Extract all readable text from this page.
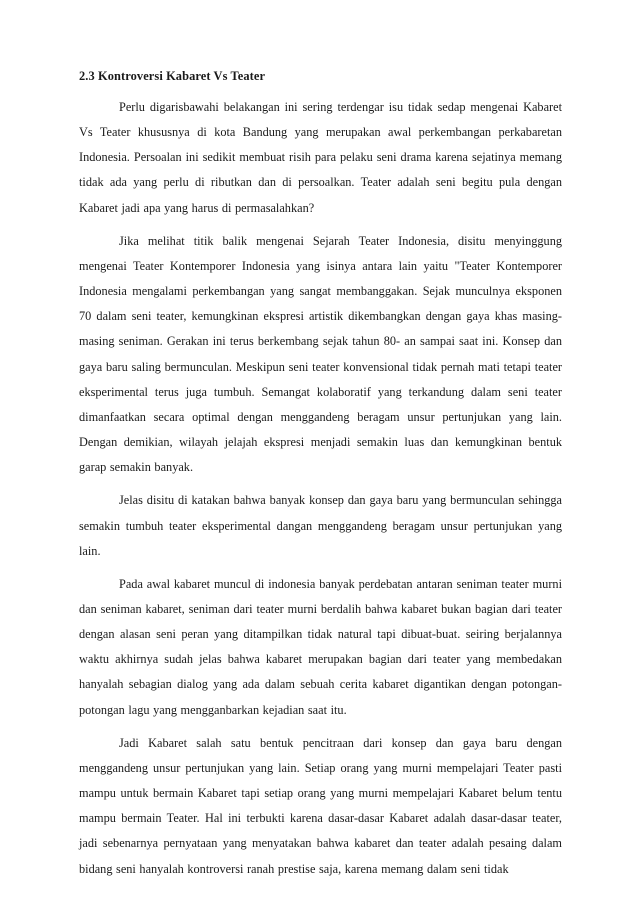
2.3 Kontroversi Kabaret Vs Teater

Perlu digarisbawahi belakangan ini sering terdengar isu tidak sedap mengenai Kabaret Vs Teater khususnya di kota Bandung yang merupakan awal perkembangan perkabaretan Indonesia. Persoalan ini sedikit membuat risih para pelaku seni drama karena sejatinya memang tidak ada yang perlu di ributkan dan di persoalkan. Teater adalah seni begitu pula dengan Kabaret jadi apa yang harus di permasalahkan?

Jika melihat titik balik mengenai Sejarah Teater Indonesia, disitu menyinggung mengenai Teater Kontemporer Indonesia yang isinya antara lain yaitu "Teater Kontemporer Indonesia mengalami perkembangan yang sangat membanggakan. Sejak munculnya eksponen 70 dalam seni teater, kemungkinan ekspresi artistik dikembangkan dengan gaya khas masing-masing seniman. Gerakan ini terus berkembang sejak tahun 80- an sampai saat ini. Konsep dan gaya baru saling bermunculan. Meskipun seni teater konvensional tidak pernah mati tetapi teater eksperimental terus juga tumbuh. Semangat kolaboratif yang terkandung dalam seni teater dimanfaatkan secara optimal dengan menggandeng beragam unsur pertunjukan yang lain. Dengan demikian, wilayah jelajah ekspresi menjadi semakin luas dan kemungkinan bentuk garap semakin banyak.

Jelas disitu di katakan bahwa banyak konsep dan gaya baru yang bermunculan sehingga semakin tumbuh teater eksperimental dangan menggandeng beragam unsur pertunjukan yang lain.

Pada awal kabaret muncul di indonesia banyak perdebatan antaran seniman teater murni dan seniman kabaret, seniman dari teater murni berdalih bahwa kabaret bukan bagian dari teater dengan alasan seni peran yang ditampilkan tidak natural tapi dibuat-buat. seiring berjalannya waktu akhirnya sudah jelas bahwa kabaret merupakan bagian dari teater yang membedakan hanyalah sebagian dialog yang ada dalam sebuah cerita kabaret digantikan dengan potongan-potongan lagu yang mengganbarkan kejadian saat itu.

Jadi Kabaret salah satu bentuk pencitraan dari konsep dan gaya baru dengan menggandeng unsur pertunjukan yang lain. Setiap orang yang murni mempelajari Teater pasti mampu untuk bermain Kabaret tapi setiap orang yang murni mempelajari Kabaret belum tentu mampu bermain Teater. Hal ini terbukti karena dasar-dasar Kabaret adalah dasar-dasar teater, jadi sebenarnya pernyataan yang menyatakan bahwa kabaret dan teater adalah pesaing dalam bidang seni hanyalah kontroversi ranah prestise saja, karena memang dalam seni tidak
